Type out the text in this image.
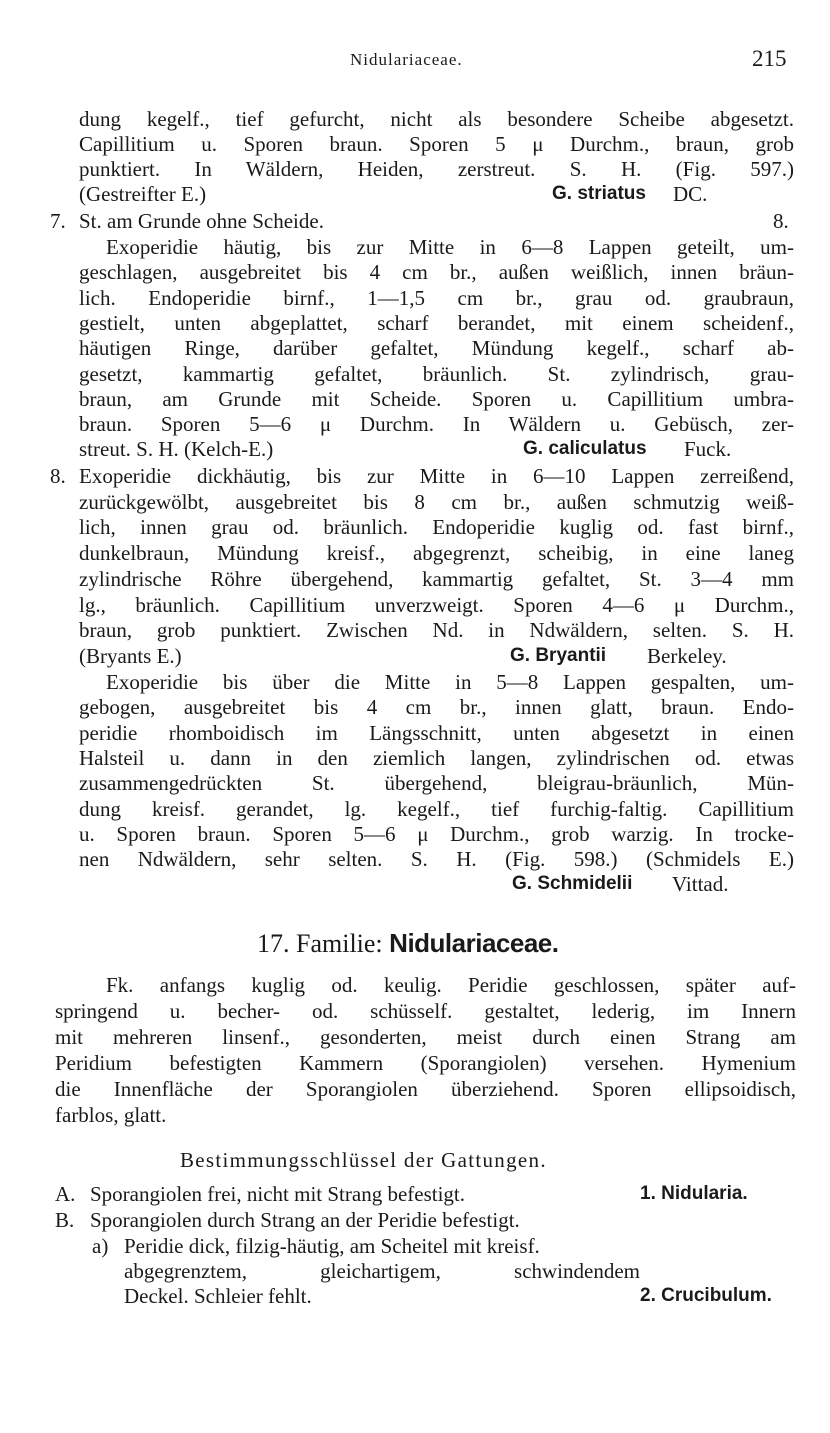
Nidulariaceae.	215
dung kegelf., tief gefurcht, nicht als besondere Scheibe abgesetzt.
Capillitium u. Sporen braun. Sporen 5 μ Durchm., braun, grob
punktiert. In Wäldern, Heiden, zerstreut. S. H. (Fig. 597.)
(Gestreifter E.)	G. striatus DC.
7. St. am Grunde ohne Scheide.	8.
Exoperidie häutig, bis zur Mitte in 6—8 Lappen geteilt, um-
geschlagen, ausgebreitet bis 4 cm br., außen weißlich, innen bräun-
lich. Endoperidie birnf., 1—1,5 cm br., grau od. graubraun,
gestielt, unten abgeplattet, scharf berandet, mit einem scheidenf.,
häutigen Ringe, darüber gefaltet, Mündung kegelf., scharf ab-
gesetzt, kammartig gefaltet, bräunlich. St. zylindrisch, grau-
braun, am Grunde mit Scheide. Sporen u. Capillitium umbra-
braun. Sporen 5—6 μ Durchm. In Wäldern u. Gebüsch, zer-
streut. S. H. (Kelch-E.)	G. caliculatus Fuck.
8. Exoperidie dickhäutig, bis zur Mitte in 6—10 Lappen zerreißend,
zurückgewölbt, ausgebreitet bis 8 cm br., außen schmutzig weiß-
lich, innen grau od. bräunlich. Endoperidie kuglig od. fast birnf.,
dunkelbraun, Mündung kreisf., abgegrenzt, scheibig, in eine laneg
zylindrische Röhre übergehend, kammartig gefaltet, St. 3—4 mm
lg., bräunlich. Capillitium unverzweigt. Sporen 4—6 μ Durchm.,
braun, grob punktiert. Zwischen Nd. in Ndwäldern, selten. S. H.
(Bryants E.)	G. Bryantii Berkeley.
Exoperidie bis über die Mitte in 5—8 Lappen gespalten, um-
gebogen, ausgebreitet bis 4 cm br., innen glatt, braun. Endo-
peridie rhomboidisch im Längsschnitt, unten abgesetzt in einen
Halsteil u. dann in den ziemlich langen, zylindrischen od. etwas
zusammengedrückten St. übergehend, bleigrau-bräunlich, Mün-
dung kreisf. gerandet, lg. kegelf., tief furchig-faltig. Capillitium
u. Sporen braun. Sporen 5—6 μ Durchm., grob warzig. In trocke-
nen Ndwäldern, sehr selten. S. H. (Fig. 598.) (Schmidels E.)
G. Schmidelii Vittad.
17. Familie: Nidulariaceae.
Fk. anfangs kuglig od. keulig. Peridie geschlossen, später auf-
springend u. becher- od. schüsself. gestaltet, lederig, im Innern
mit mehreren linsenf., gesonderten, meist durch einen Strang am
Peridium befestigten Kammern (Sporangiolen) versehen. Hymenium
die Innenfläche der Sporangiolen überziehend. Sporen ellipsoidisch,
farblos, glatt.
Bestimmungsschlüssel der Gattungen.
A. Sporangiolen frei, nicht mit Strang befestigt.	1. Nidularia.
B. Sporangiolen durch Strang an der Peridie befestigt.
a) Peridie dick, filzig-häutig, am Scheitel mit kreisf.
abgegrenztem, gleichartigem, schwindendem
Deckel. Schleier fehlt.	2. Crucibulum.
